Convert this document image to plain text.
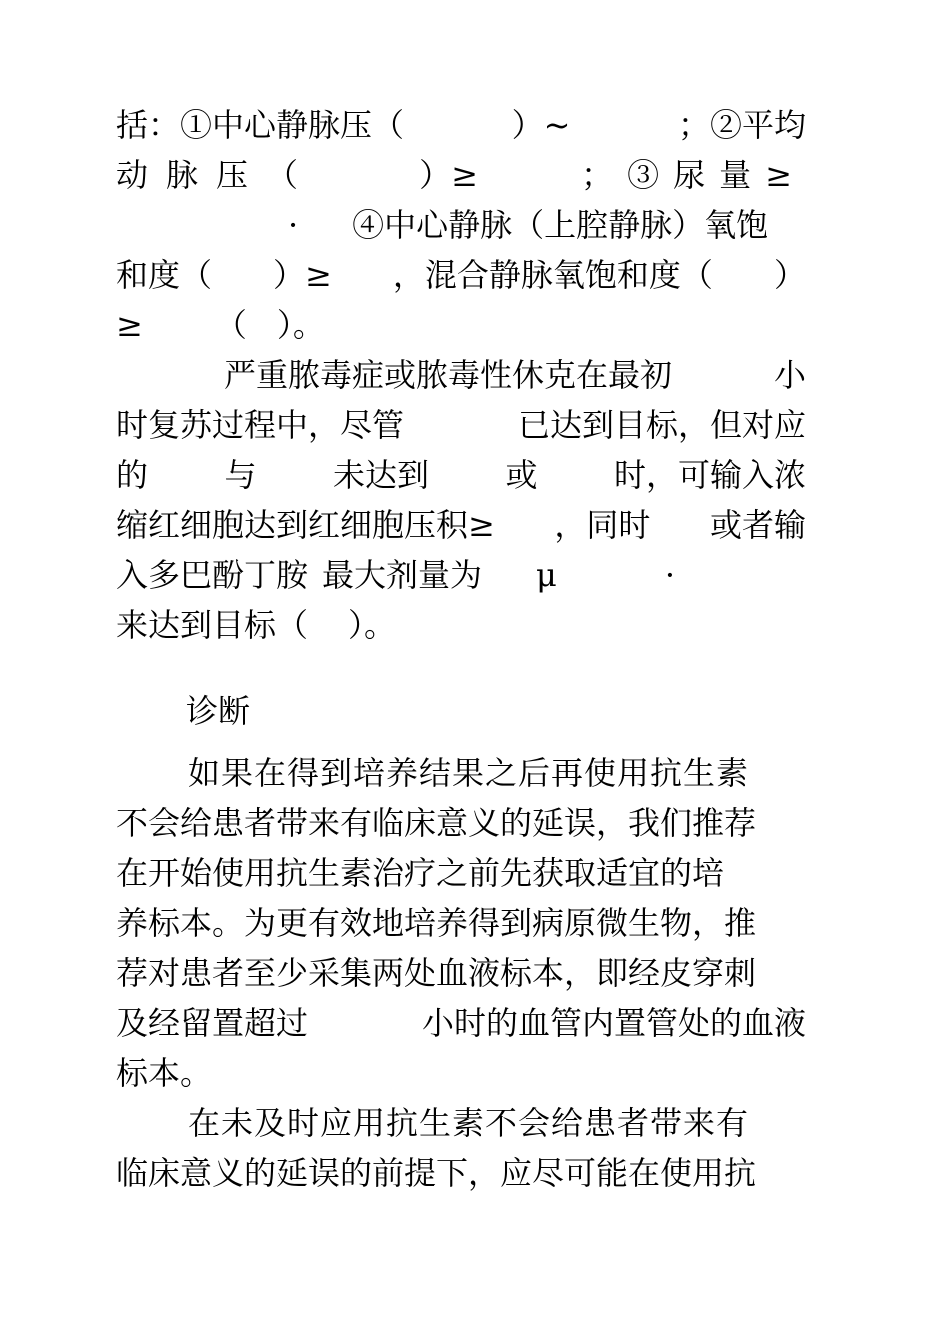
括：①中心静脉压（	）~	；②平均
动脉压（	）≥	；③尿量≥
· ④中心静脉（上腔静脉）氧饱
和度（ ）≥ ，混合静脉氧饱和度（ ）
≥ （ ）。
严重脓毒症或脓毒性休克在最初	小
时复苏过程中，尽管	已达到目标，但对应
的 与 未达到 或 时，可输入浓
缩红细胞达到红细胞压积≥ ，同时 或者输
入多巴酚丁胺 最大剂量为 μ	·
来达到目标（ ）。
诊断
如果在得到培养结果之后再使用抗生素
不会给患者带来有临床意义的延误，我们推荐
在开始使用抗生素治疗之前先获取适宜的培
养标本。为更有效地培养得到病原微生物，推
荐对患者至少采集两处血液标本，即经皮穿刺
及经留置超过	小时的血管内置管处的血液
标本。
在未及时应用抗生素不会给患者带来有
临床意义的延误的前提下，应尽可能在使用抗
